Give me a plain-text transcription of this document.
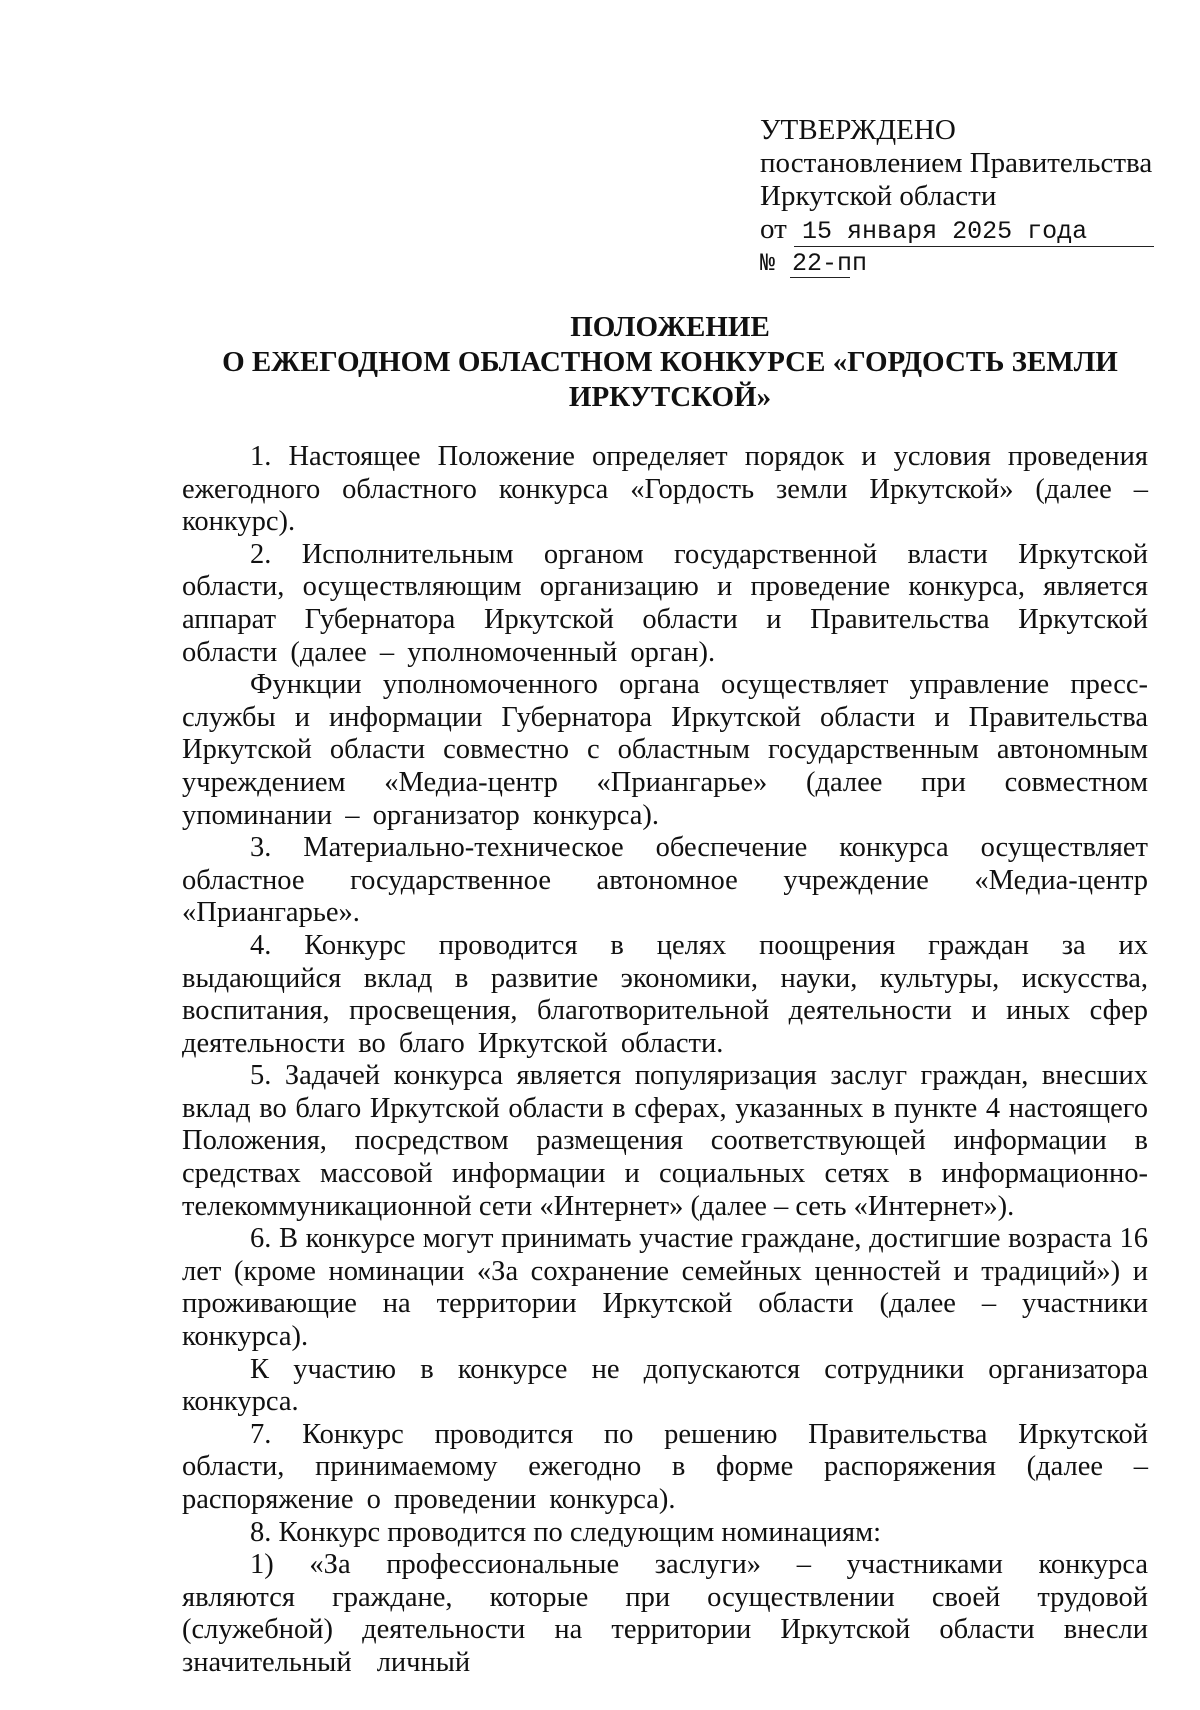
УТВЕРЖДЕНО
постановлением Правительства
Иркутской области
от 15 января 2025 года
№ 22-пп
ПОЛОЖЕНИЕ
О ЕЖЕГОДНОМ ОБЛАСТНОМ КОНКУРСЕ «ГОРДОСТЬ ЗЕМЛИ
ИРКУТСКОЙ»

1. Настоящее Положение определяет порядок и условия проведения ежегодного областного конкурса «Гордость земли Иркутской» (далее – конкурс).

2. Исполнительным органом государственной власти Иркутской области, осуществляющим организацию и проведение конкурса, является аппарат Губернатора Иркутской области и Правительства Иркутской области (далее – уполномоченный орган).

Функции уполномоченного органа осуществляет управление пресс-службы и информации Губернатора Иркутской области и Правительства Иркутской области совместно с областным государственным автономным учреждением «Медиа-центр «Приангарье» (далее при совместном упоминании – организатор конкурса).

3. Материально-техническое обеспечение конкурса осуществляет областное государственное автономное учреждение «Медиа-центр «Приангарье».

4. Конкурс проводится в целях поощрения граждан за их выдающийся вклад в развитие экономики, науки, культуры, искусства, воспитания, просвещения, благотворительной деятельности и иных сфер деятельности во благо Иркутской области.

5. Задачей конкурса является популяризация заслуг граждан, внесших вклад во благо Иркутской области в сферах, указанных в пункте 4 настоящего Положения, посредством размещения соответствующей информации в средствах массовой информации и социальных сетях в информационно-телекоммуникационной сети «Интернет» (далее – сеть «Интернет»).

6. В конкурсе могут принимать участие граждане, достигшие возраста 16 лет (кроме номинации «За сохранение семейных ценностей и традиций») и проживающие на территории Иркутской области (далее – участники конкурса).

К участию в конкурсе не допускаются сотрудники организатора конкурса.

7. Конкурс проводится по решению Правительства Иркутской области, принимаемому ежегодно в форме распоряжения (далее – распоряжение о проведении конкурса).

8. Конкурс проводится по следующим номинациям:

1) «За профессиональные заслуги» – участниками конкурса являются граждане, которые при осуществлении своей трудовой (служебной) деятельности на территории Иркутской области внесли значительный личный
